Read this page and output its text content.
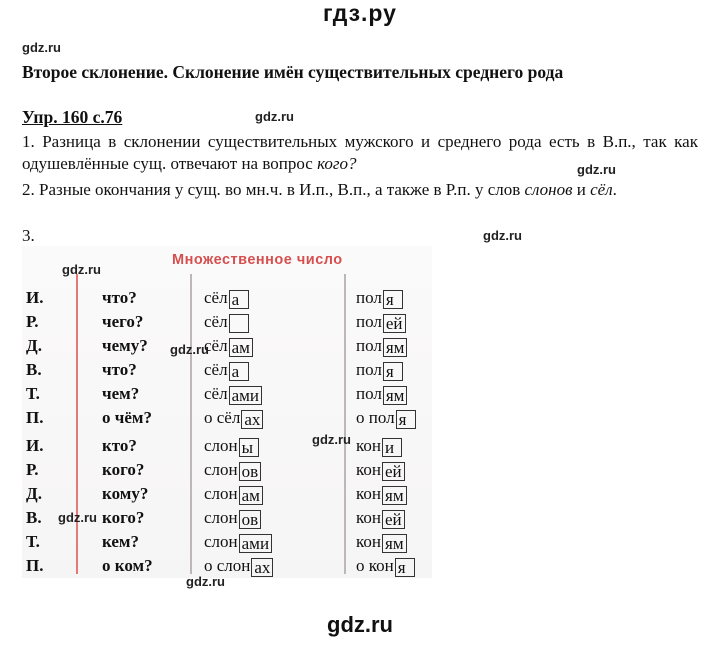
гдз.ру
gdz.ru
Второе склонение. Склонение имён существительных среднего рода
Упр. 160 с.76	gdz.ru
1. Разница в склонении существительных мужского и среднего рода есть в В.п., так как одушевлённые сущ. отвечают на вопрос кого?	gdz.ru
2. Разные окончания у сущ. во мн.ч. в И.п., В.п., а также в Р.п. у слов слонов и сёл.
3.	gdz.ru
Множественное число
И.	что?	сёл а	пол я
Р.	чего?	сёл	пол ей
Д.	чему?	сёл ам	пол ям
В.	что?	сёл а	пол я
Т.	чем?	сёл ами	пол ям
П.	о чём?	о сёл ах	о пол я
И.	кто?	слон ы	кон и
Р.	кого?	слон ов	кон ей
Д.	кому?	слон ам	кон ям
В.	кого?	слон ов	кон ей
Т.	кем?	слон ами	кон ям
П.	о ком?	о слон ах	о кон я
gdz.ru
gdz.ru
gdz.ru
gdz.ru
gdz.ru
gdz.ru
